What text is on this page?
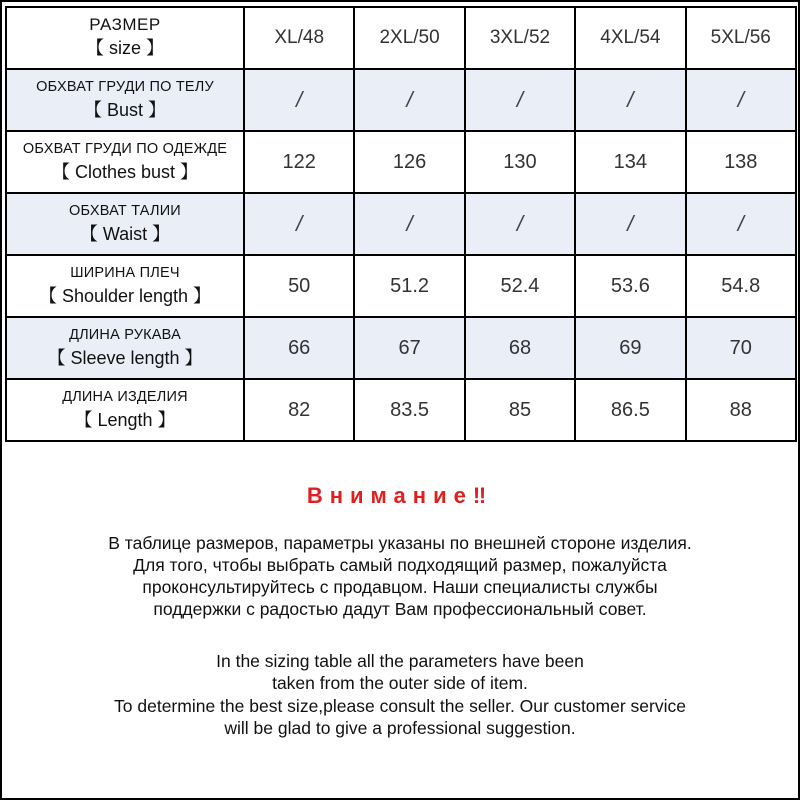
РАЗМЕР
【 size 】	XL/48	2XL/50	3XL/52	4XL/54	5XL/56

ОБХВАТ ГРУДИ ПО ТЕЛУ
【 Bust 】	/	/	/	/	/

ОБХВАТ ГРУДИ ПО ОДЕЖДЕ
【 Clothes bust 】	122	126	130	134	138

ОБХВАТ ТАЛИИ
【 Waist 】	/	/	/	/	/

ШИРИНА ПЛЕЧ
【 Shoulder length 】	50	51.2	52.4	53.6	54.8

ДЛИНА РУКАВА
【 Sleeve length 】	66	67	68	69	70

ДЛИНА ИЗДЕЛИЯ
【 Length 】	82	83.5	85	86.5	88
Внимание‼

В таблице размеров, параметры указаны по внешней стороне изделия.
Для того, чтобы выбрать самый подходящий размер, пожалуйста
проконсультируйтесь с продавцом. Наши специалисты службы
поддержки с радостью дадут Вам профессиональный совет.

In the sizing table all the parameters have been
taken from the outer side of item.

To determine the best size,please consult the seller. Our customer service
will be glad to give a professional suggestion.
